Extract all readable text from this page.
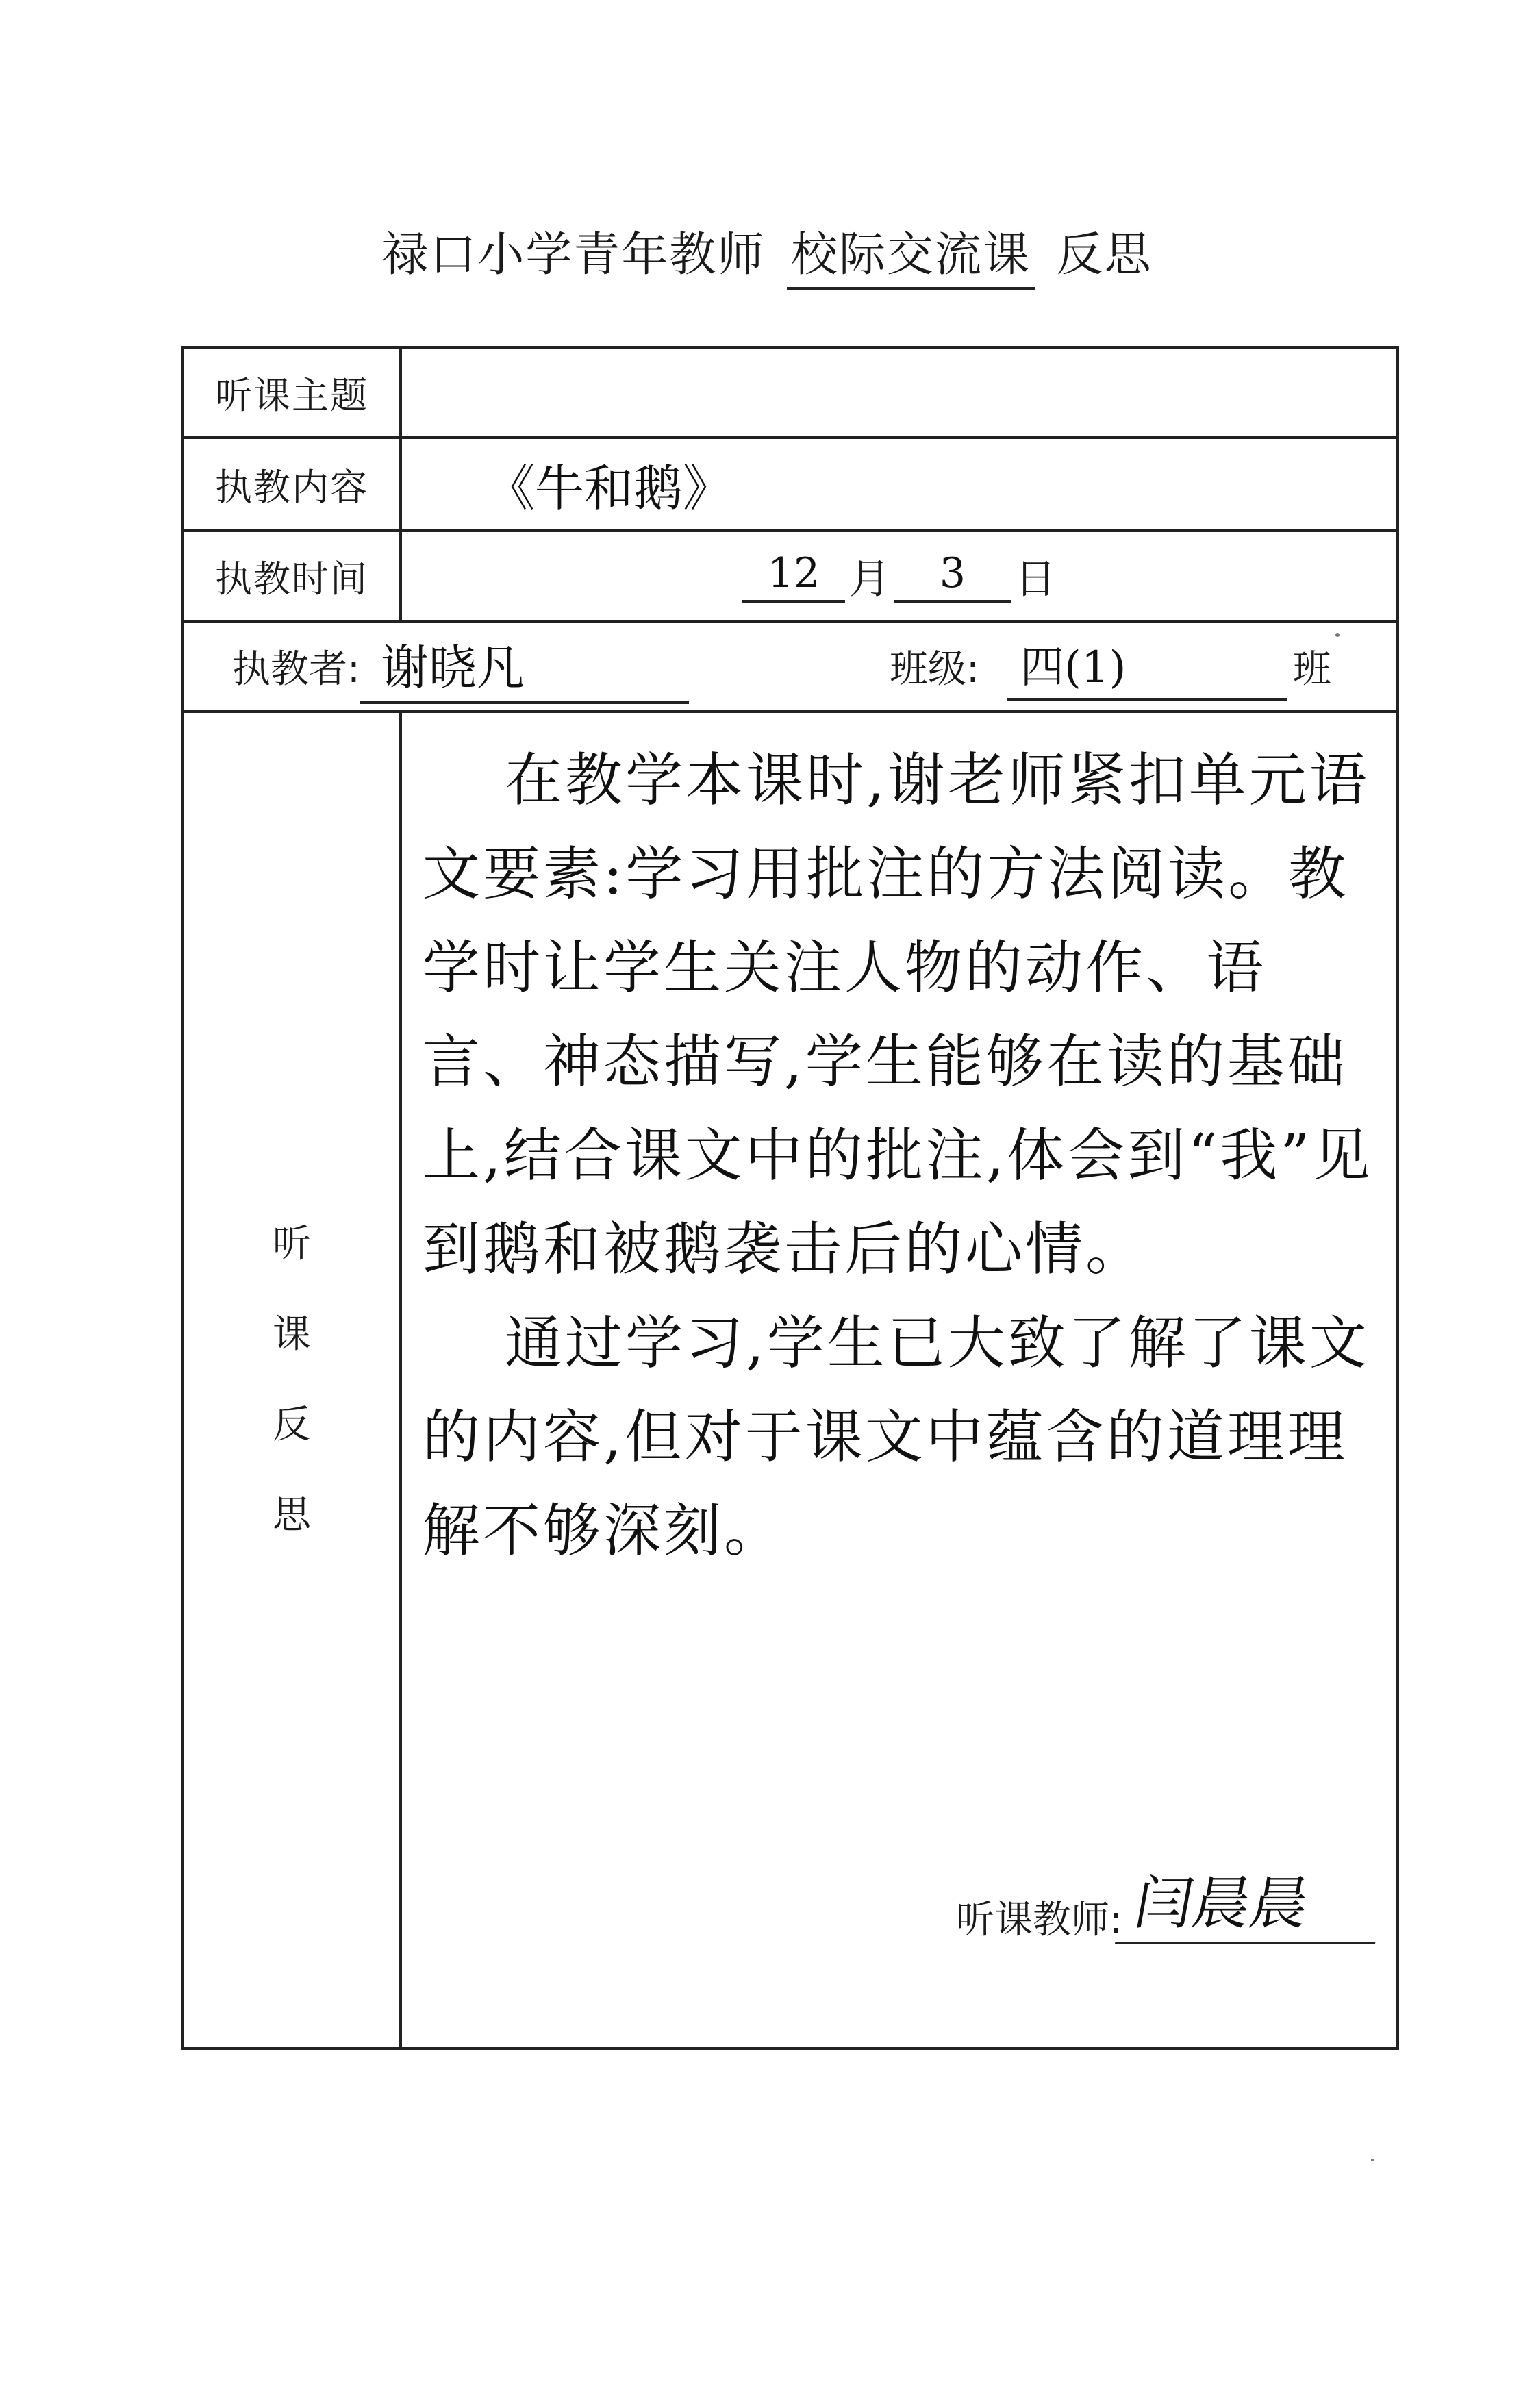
禄口小学青年教师 校际交流课 反思
听课主题
执教内容	《牛和鹅》
执教时间	12 月	3	日
执教者: 谢晓凡	班级: 四(1)	班
听
课
反
思

在教学本课时,谢老师紧扣单元语文要素:学习用批注的方法阅读。教学时让学生关注人物的动作、语言、神态描写,学生能够在读的基础上,结合课文中的批注,体会到“我”见到鹅和被鹅袭击后的心情。

通过学习,学生已大致了解了课文的内容,但对于课文中蕴含的道理理解不够深刻。

听课教师: 闫晨晨
